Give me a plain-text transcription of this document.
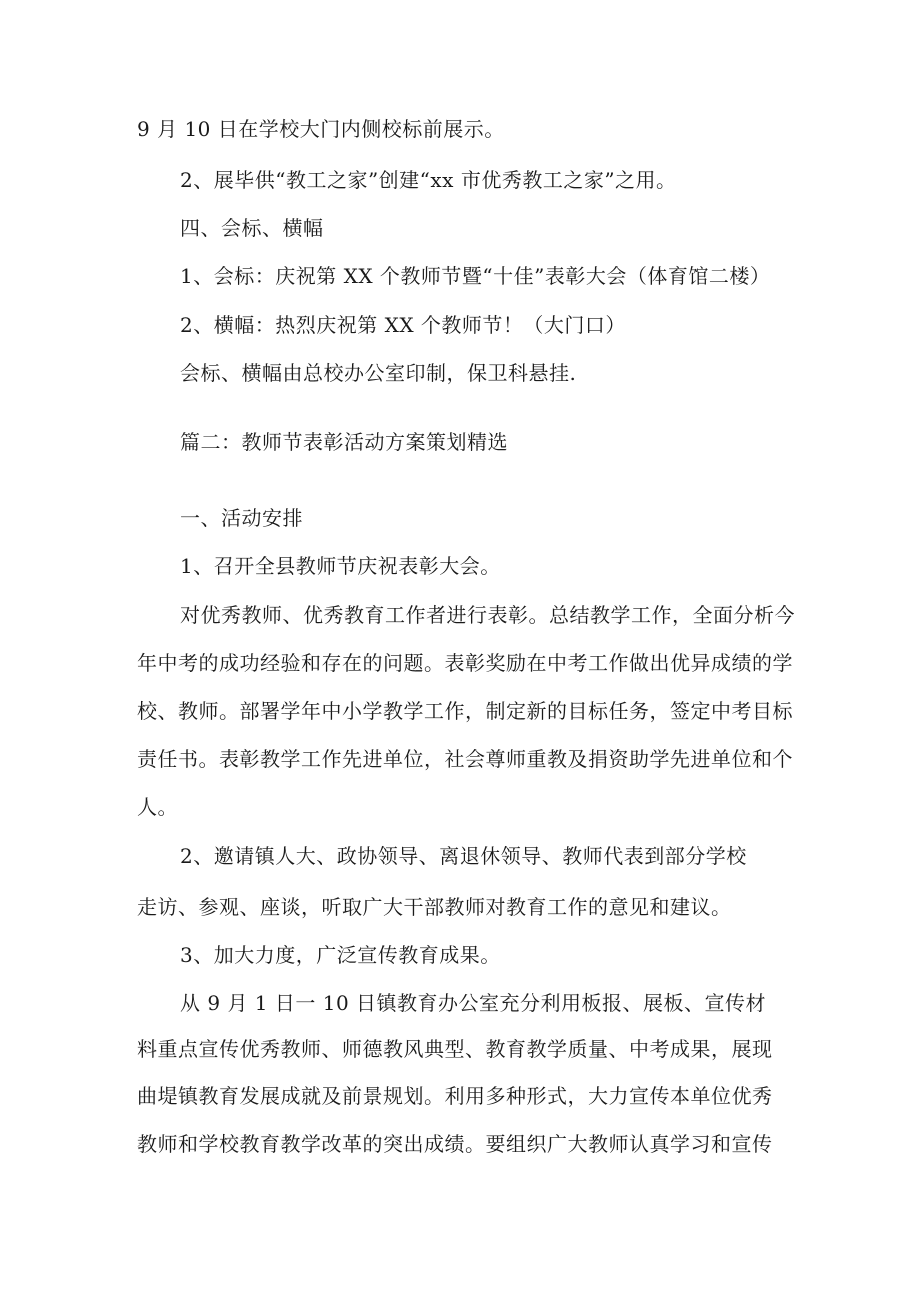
9 月 10 日在学校大门内侧校标前展示。
2、展毕供“教工之家”创建“xx 市优秀教工之家”之用。
四、会标、横幅
1、会标：庆祝第 XX 个教师节暨“十佳”表彰大会（体育馆二楼）
2、横幅：热烈庆祝第 XX 个教师节！（大门口）
会标、横幅由总校办公室印制，保卫科悬挂.
篇二：教师节表彰活动方案策划精选
一、活动安排
1、召开全县教师节庆祝表彰大会。
对优秀教师、优秀教育工作者进行表彰。总结教学工作，全面分析今
年中考的成功经验和存在的问题。表彰奖励在中考工作做出优异成绩的学
校、教师。部署学年中小学教学工作，制定新的目标任务，签定中考目标
责任书。表彰教学工作先进单位，社会尊师重教及捐资助学先进单位和个
人。
2、邀请镇人大、政协领导、离退休领导、教师代表到部分学校
走访、参观、座谈，听取广大干部教师对教育工作的意见和建议。
3、加大力度，广泛宣传教育成果。
从 9 月 1 日一 10 日镇教育办公室充分利用板报、展板、宣传材
料重点宣传优秀教师、师德教风典型、教育教学质量、中考成果，展现
曲堤镇教育发展成就及前景规划。利用多种形式，大力宣传本单位优秀
教师和学校教育教学改革的突出成绩。要组织广大教师认真学习和宣传
